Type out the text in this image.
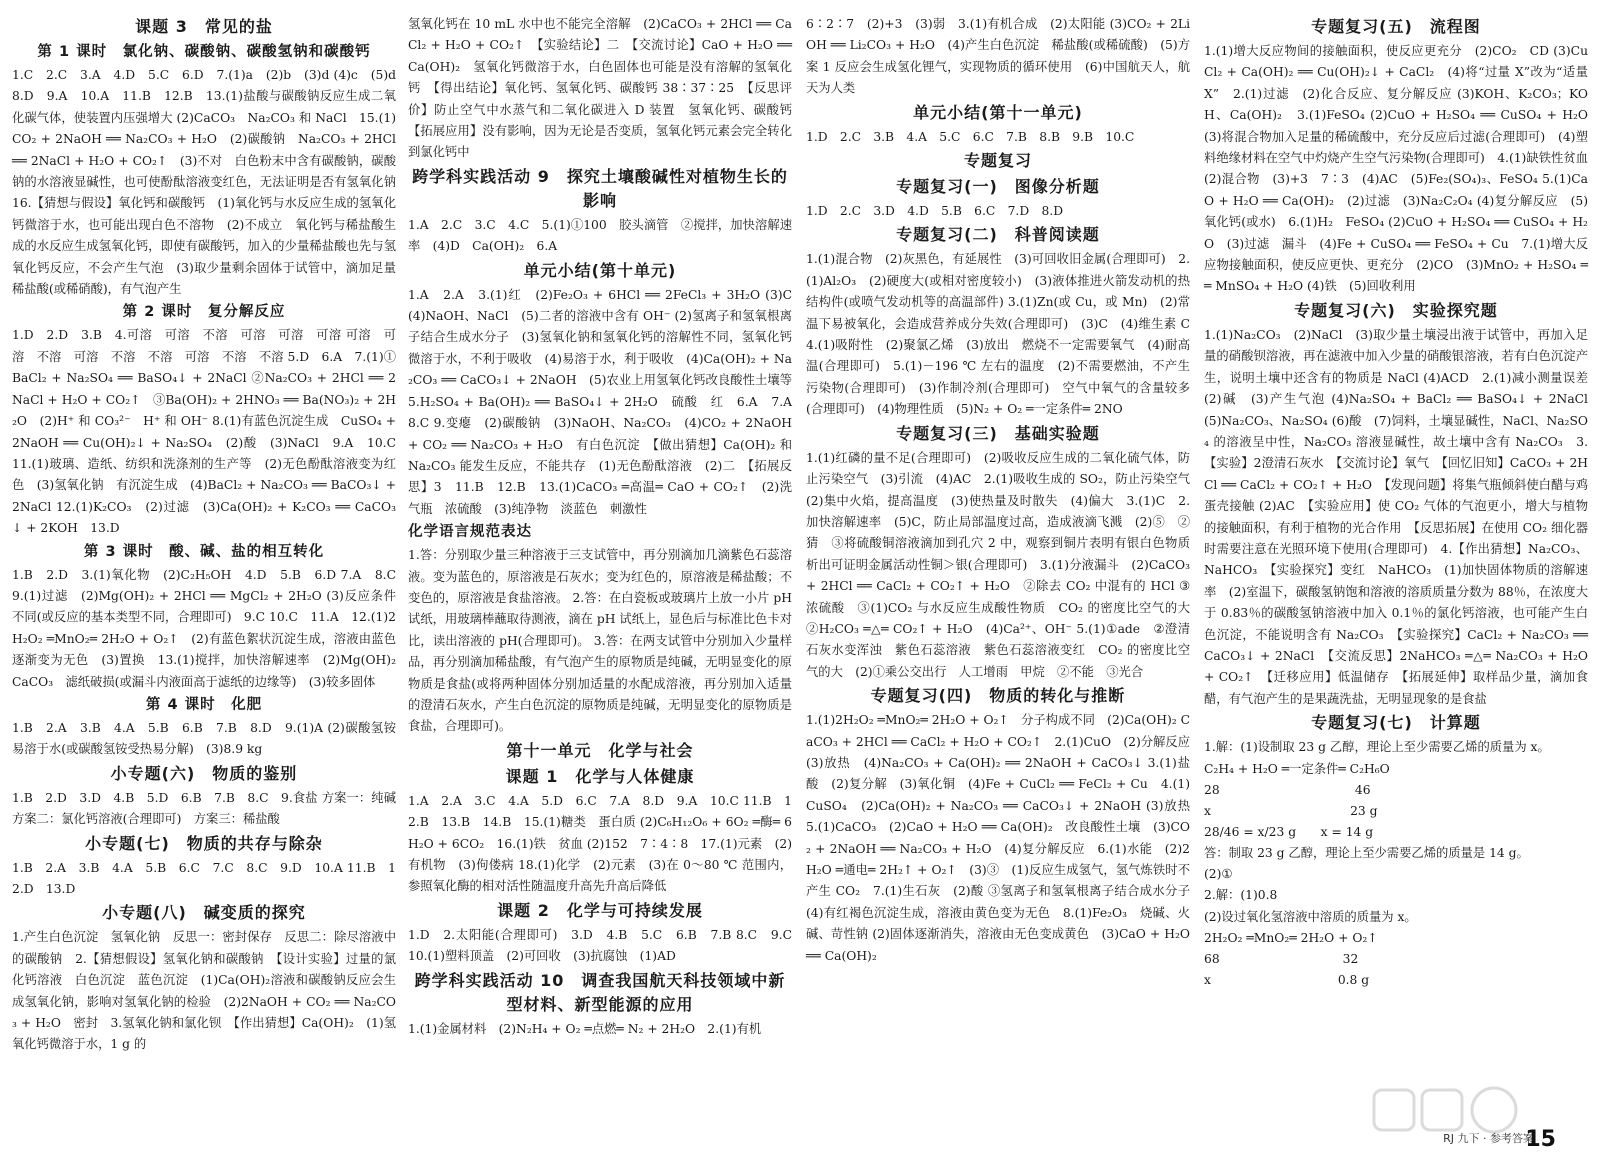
课题 3　常见的盐
第 1 课时　氯化钠、碳酸钠、碳酸氢钠和碳酸钙

1.C　2.C　3.A　4.D　5.C　6.D　7.(1)a　(2)b　(3)d (4)c　(5)d　8.D　9.A　10.A　11.B　12.B　13.(1)盐酸与碳酸钠反应生成二氧化碳气体，使装置内压强增大 (2)CaCO₃　Na₂CO₃ 和 NaCl　15.(1)CO₂ + 2NaOH ══ Na₂CO₃ + H₂O　(2)碳酸钠　Na₂CO₃ + 2HCl ══ 2NaCl + H₂O + CO₂↑　(3)不对　白色粉末中含有碳酸钠，碳酸钠的水溶液显碱性，也可使酚酞溶液变红色，无法证明是否有氢氧化钠　16.【猜想与假设】氧化钙和碳酸钙　(1)氧化钙与水反应生成的氢氧化钙微溶于水，也可能出现白色不溶物　(2)不成立　氧化钙与稀盐酸生成的水反应生成氢氧化钙，即使有碳酸钙，加入的少量稀盐酸也先与氢氧化钙反应，不会产生气泡　(3)取少量剩余固体于试管中，滴加足量稀盐酸(或稀硝酸)，有气泡产生

第 2 课时　复分解反应

1.D　2.D　3.B　4.可溶　可溶　不溶　可溶　可溶　可溶 可溶　可溶　不溶　可溶　不溶　不溶　可溶　不溶　不溶 5.D　6.A　7.(1)①BaCl₂ + Na₂SO₄ ══ BaSO₄↓ + 2NaCl ②Na₂CO₃ + 2HCl ══ 2NaCl + H₂O + CO₂↑　③Ba(OH)₂ + 2HNO₃ ══ Ba(NO₃)₂ + 2H₂O　(2)H⁺ 和 CO₃²⁻　H⁺ 和 OH⁻ 8.(1)有蓝色沉淀生成　CuSO₄ + 2NaOH ══ Cu(OH)₂↓ + Na₂SO₄　(2)酸　(3)NaCl　9.A　10.C　11.(1)玻璃、造纸、纺织和洗涤剂的生产等　(2)无色酚酞溶液变为红色　(3)氢氧化钠　有沉淀生成　(4)BaCl₂ + Na₂CO₃ ══ BaCO₃↓ + 2NaCl 12.(1)K₂CO₃　(2)过滤　(3)Ca(OH)₂ + K₂CO₃ ══ CaCO₃↓ + 2KOH　13.D

第 3 课时　酸、碱、盐的相互转化

1.B　2.D　3.(1)氧化物　(2)C₂H₅OH　4.D　5.B　6.D 7.A　8.C　9.(1)过滤　(2)Mg(OH)₂ + 2HCl ══ MgCl₂ + 2H₂O (3)反应条件不同(或反应的基本类型不同，合理即可)　9.C 10.C　11.A　12.(1)2H₂O₂ ═MnO₂═ 2H₂O + O₂↑　(2)有蓝色絮状沉淀生成，溶液由蓝色逐渐变为无色　(3)置换　13.(1)搅拌，加快溶解速率　(2)Mg(OH)₂　CaCO₃　滤纸破损(或漏斗内液面高于滤纸的边缘等)　(3)较多固体

第 4 课时　化肥

1.B　2.A　3.B　4.A　5.B　6.B　7.B　8.D　9.(1)A (2)碳酸氢铵易溶于水(或碳酸氢铵受热易分解)　(3)8.9 kg

小专题(六)　物质的鉴别

1.B　2.D　3.D　4.B　5.D　6.B　7.B　8.C　9.食盐 方案一：纯碱　方案二：氯化钙溶液(合理即可)　方案三：稀盐酸

小专题(七)　物质的共存与除杂

1.B　2.A　3.B　4.A　5.B　6.C　7.C　8.C　9.D　10.A 11.B　12.D　13.D

小专题(八)　碱变质的探究

1.产生白色沉淀　氢氧化钠　反思一：密封保存　反思二：除尽溶液中的碳酸钠　2.【猜想假设】氢氧化钠和碳酸钠　【设计实验】过量的氯化钙溶液　白色沉淀　蓝色沉淀　(1)Ca(OH)₂溶液和碳酸钠反应会生成氢氧化钠，影响对氢氧化钠的检验　(2)2NaOH + CO₂ ══ Na₂CO₃ + H₂O　密封　3.氢氧化钠和氯化钡　【作出猜想】Ca(OH)₂　(1)氢氧化钙微溶于水，1 g 的

氢氧化钙在 10 mL 水中也不能完全溶解　(2)CaCO₃ + 2HCl ══ CaCl₂ + H₂O + CO₂↑　【实验结论】二　【交流讨论】CaO + H₂O ══ Ca(OH)₂　氢氧化钙微溶于水，白色固体也可能是没有溶解的氢氧化钙　【得出结论】氧化钙、氢氧化钙、碳酸钙 38∶37∶25　【反思评价】防止空气中水蒸气和二氧化碳进入 D 装置　氢氧化钙、碳酸钙　【拓展应用】没有影响，因为无论是否变质，氢氧化钙元素会完全转化到氯化钙中

跨学科实践活动 9　探究土壤酸碱性对植物生长的影响

1.A　2.C　3.C　4.C　5.(1)①100　胶头滴管　②搅拌，加快溶解速率　(4)D　Ca(OH)₂　6.A

单元小结(第十单元)

1.A　2.A　3.(1)红　(2)Fe₂O₃ + 6HCl ══ 2FeCl₃ + 3H₂O (3)C　(4)NaOH、NaCl　(5)二者的溶液中含有 OH⁻ (2)氢离子和氢氧根离子结合生成水分子　(3)氢氧化钠和氢氧化钙的溶解性不同，氢氧化钙微溶于水，不利于吸收　(4)易溶于水，利于吸收　(4)Ca(OH)₂ + Na₂CO₃ ══ CaCO₃↓ + 2NaOH　(5)农业上用氢氧化钙改良酸性土壤等　5.H₂SO₄ + Ba(OH)₂ ══ BaSO₄↓ + 2H₂O　硫酸　红　6.A　7.A　8.C 9.变瘪　(2)碳酸钠　(3)NaOH、Na₂CO₃　(4)CO₂ + 2NaOH + CO₂ ══ Na₂CO₃ + H₂O　有白色沉淀　【做出猜想】Ca(OH)₂ 和 Na₂CO₃ 能发生反应，不能共存　(1)无色酚酞溶液　(2)二　【拓展反思】3　11.B　12.B　13.(1)CaCO₃ ═高温═ CaO + CO₂↑　(2)洗气瓶　浓硫酸　(3)纯净物　淡蓝色　刺激性

化学语言规范表达

1.答：分别取少量三种溶液于三支试管中，再分别滴加几滴紫色石蕊溶液。变为蓝色的，原溶液是石灰水；变为红色的，原溶液是稀盐酸；不变色的，原溶液是食盐溶液。 2.答：在白瓷板或玻璃片上放一小片 pH 试纸，用玻璃棒蘸取待测液，滴在 pH 试纸上，显色后与标准比色卡对比，读出溶液的 pH(合理即可)。 3.答：在两支试管中分别加入少量样品，再分别滴加稀盐酸，有气泡产生的原物质是纯碱，无明显变化的原物质是食盐(或将两种固体分别加适量的水配成溶液，再分别加入适量的澄清石灰水，产生白色沉淀的原物质是纯碱，无明显变化的原物质是食盐，合理即可)。

第十一单元　化学与社会
课题 1　化学与人体健康

1.A　2.A　3.C　4.A　5.D　6.C　7.A　8.D　9.A　10.C 11.B　12.B　13.B　14.B　15.(1)糖类　蛋白质 (2)C₆H₁₂O₆ + 6O₂ ═酶═ 6H₂O + 6CO₂　16.(1)铁　贫血 (2)152　7∶4∶8　17.(1)元素　(2)有机物　(3)佝偻病 18.(1)化学　(2)元素　(3)在 0～80 ℃ 范围内，参照氧化酶的相对活性随温度升高先升高后降低

课题 2　化学与可持续发展

1.D　2.太阳能(合理即可)　3.D　4.B　5.C　6.B　7.B 8.C　9.C　10.(1)塑料顶盖　(2)可回收　(3)抗腐蚀　(1)AD

跨学科实践活动 10　调查我国航天科技领域中新型材料、新型能源的应用

1.(1)金属材料　(2)N₂H₄ + O₂ ═点燃═ N₂ + 2H₂O　2.(1)有机

6∶2∶7　(2)+3　(3)弱　3.(1)有机合成　(2)太阳能 (3)CO₂ + 2LiOH ══ Li₂CO₃ + H₂O　(4)产生白色沉淀　稀盐酸(或稀硫酸)　(5)方案 1 反应会生成氢化锂气，实现物质的循环使用　(6)中国航天人，航天为人类

单元小结(第十一单元)

1.D　2.C　3.B　4.A　5.C　6.C　7.B　8.B　9.B　10.C

专题复习
专题复习(一)　图像分析题

1.D　2.C　3.D　4.D　5.B　6.C　7.D　8.D

专题复习(二)　科普阅读题

1.(1)混合物　(2)灰黑色，有延展性　(3)可回收旧金属(合理即可)　2.(1)Al₂O₃　(2)硬度大(或相对密度较小)　(3)液体推进火箭发动机的热结构件(或喷气发动机等的高温部件) 3.(1)Zn(或 Cu，或 Mn)　(2)常温下易被氧化，会造成营养成分失效(合理即可)　(3)C　(4)维生素 C　4.(1)吸附性　(2)聚氯乙烯　(3)放出　燃烧不一定需要氧气　(4)耐高温(合理即可)　5.(1)－196 ℃ 左右的温度　(2)不需要燃油，不产生污染物(合理即可)　(3)作制冷剂(合理即可)　空气中氧气的含量较多(合理即可)　(4)物理性质　(5)N₂ + O₂ ═一定条件═ 2NO

专题复习(三)　基础实验题

1.(1)红磷的量不足(合理即可)　(2)吸收反应生成的二氧化硫气体，防止污染空气　(3)引流　(4)AC　2.(1)吸收生成的 SO₂，防止污染空气　(2)集中火焰，提高温度　(3)使热量及时散失　(4)偏大　3.(1)C　2.加快溶解速率　(5)C，防止局部温度过高，造成液滴飞溅　(2)⑤　②猜　③将硫酸铜溶液滴加到孔穴 2 中，观察到铜片表明有银白色物质析出可证明金属活动性铜＞银(合理即可)　3.(1)分液漏斗　(2)CaCO₃ + 2HCl ══ CaCl₂ + CO₂↑ + H₂O　②除去 CO₂ 中混有的 HCl ③浓硫酸　③(1)CO₂ 与水反应生成酸性物质　CO₂ 的密度比空气的大　②H₂CO₃ ═△═ CO₂↑ + H₂O　(4)Ca²⁺、OH⁻ 5.(1)①ade　②澄清石灰水变浑浊　紫色石蕊溶液　紫色石蕊溶液变红　CO₂ 的密度比空气的大　(2)①乘公交出行　人工增雨　甲烷　②不能　③光合

专题复习(四)　物质的转化与推断

1.(1)2H₂O₂ ═MnO₂═ 2H₂O + O₂↑　分子构成不同　(2)Ca(OH)₂ CaCO₃ + 2HCl ══ CaCl₂ + H₂O + CO₂↑　2.(1)CuO　(2)分解反应　(3)放热　(4)Na₂CO₃ + Ca(OH)₂ ══ 2NaOH + CaCO₃↓ 3.(1)盐酸　(2)复分解　(3)氧化铜　(4)Fe + CuCl₂ ══ FeCl₂ + Cu　4.(1)CuSO₄　(2)Ca(OH)₂ + Na₂CO₃ ══ CaCO₃↓ + 2NaOH (3)放热　5.(1)CaCO₃　(2)CaO + H₂O ══ Ca(OH)₂　改良酸性土壤　(3)CO₂ + 2NaOH ══ Na₂CO₃ + H₂O　(4)复分解反应　6.(1)水能　(2)2H₂O ═通电═ 2H₂↑ + O₂↑　(3)③　(1)反应生成氢气，氢气炼铁时不产生 CO₂　7.(1)生石灰　(2)酸 ③氢离子和氢氧根离子结合成水分子　(4)有红褐色沉淀生成，溶液由黄色变为无色　8.(1)Fe₂O₃　烧碱、火碱、苛性钠 (2)固体逐渐消失，溶液由无色变成黄色　(3)CaO + H₂O ══ Ca(OH)₂

专题复习(五)　流程图

1.(1)增大反应物间的接触面积，使反应更充分　(2)CO₂　CD (3)CuCl₂ + Ca(OH)₂ ══ Cu(OH)₂↓ + CaCl₂　(4)将“过量 X”改为“适量 X”　2.(1)过滤　(2)化合反应、复分解反应 (3)KOH、K₂CO₃；KOH、Ca(OH)₂　3.(1)FeSO₄ (2)CuO + H₂SO₄ ══ CuSO₄ + H₂O　(3)将混合物加入足量的稀硫酸中，充分反应后过滤(合理即可)　(4)塑料绝缘材料在空气中灼烧产生空气污染物(合理即可)　4.(1)缺铁性贫血 (2)混合物　(3)+3　7∶3　(4)AC　(5)Fe₂(SO₄)₃、FeSO₄ 5.(1)CaO + H₂O ══ Ca(OH)₂　(2)过滤　(3)Na₂C₂O₄ (4)复分解反应　(5)氧化钙(或水)　6.(1)H₂　FeSO₄ (2)CuO + H₂SO₄ ══ CuSO₄ + H₂O　(3)过滤　漏斗　(4)Fe + CuSO₄ ══ FeSO₄ + Cu　7.(1)增大反应物接触面积，使反应更快、更充分　(2)CO　(3)MnO₂ + H₂SO₄ ══ MnSO₄ + H₂O (4)铁　(5)回收利用

专题复习(六)　实验探究题

1.(1)Na₂CO₃　(2)NaCl　(3)取少量土壤浸出液于试管中，再加入足量的硝酸钡溶液，再在滤液中加入少量的硝酸银溶液，若有白色沉淀产生，说明土壤中还含有的物质是 NaCl (4)ACD　2.(1)减小测量误差　(2)碱　(3)产生气泡 (4)Na₂SO₄ + BaCl₂ ══ BaSO₄↓ + 2NaCl　(5)Na₂CO₃、Na₂SO₄ (6)酸　(7)饲料，土壤显碱性，NaCl、Na₂SO₄ 的溶液呈中性，Na₂CO₃ 溶液显碱性，故土壤中含有 Na₂CO₃　3.【实验】2澄清石灰水　【交流讨论】氧气　【回忆旧知】CaCO₃ + 2HCl ══ CaCl₂ + CO₂↑ + H₂O　【发现问题】将集气瓶倾斜使白醋与鸡蛋壳接触 (2)AC　【实验应用】使 CO₂ 气体的气泡更小，增大与植物的接触面积，有利于植物的光合作用　【反思拓展】在使用 CO₂ 细化器时需要注意在光照环境下使用(合理即可)　4.【作出猜想】Na₂CO₃、NaHCO₃　【实验探究】变红　NaHCO₃　(1)加快固体物质的溶解速率　(2)室温下，碳酸氢钠饱和溶液的溶质质量分数为 88％，在浓度大于 0.83％的碳酸氢钠溶液中加入 0.1％的氯化钙溶液，也可能产生白色沉淀，不能说明含有 Na₂CO₃　【实验探究】CaCl₂ + Na₂CO₃ ══ CaCO₃↓ + 2NaCl　【交流反思】2NaHCO₃ ═△═ Na₂CO₃ + H₂O + CO₂↑　【迁移应用】低温储存　【拓展延伸】取样品少量，滴加食醋，有气泡产生的是果蔬洗盐，无明显现象的是食盐

专题复习(七)　计算题

1.解：(1)设制取 23 g 乙醇，理论上至少需要乙烯的质量为 x。

C₂H₄ + H₂O ═一定条件═ C₂H₆O
28　　　　　　　　　　　46
x　　　　　　　　　　　 23 g
28/46 = x/23 g　　x = 14 g

答：制取 23 g 乙醇，理论上至少需要乙烯的质量是 14 g。

(2)①

2.解：(1)0.8

(2)设过氧化氢溶液中溶质的质量为 x。

2H₂O₂ ═MnO₂═ 2H₂O + O₂↑
68　　　　　　　　　　32
x　　　　　　　　　　 0.8 g
RJ 九下 · 参考答案
15
